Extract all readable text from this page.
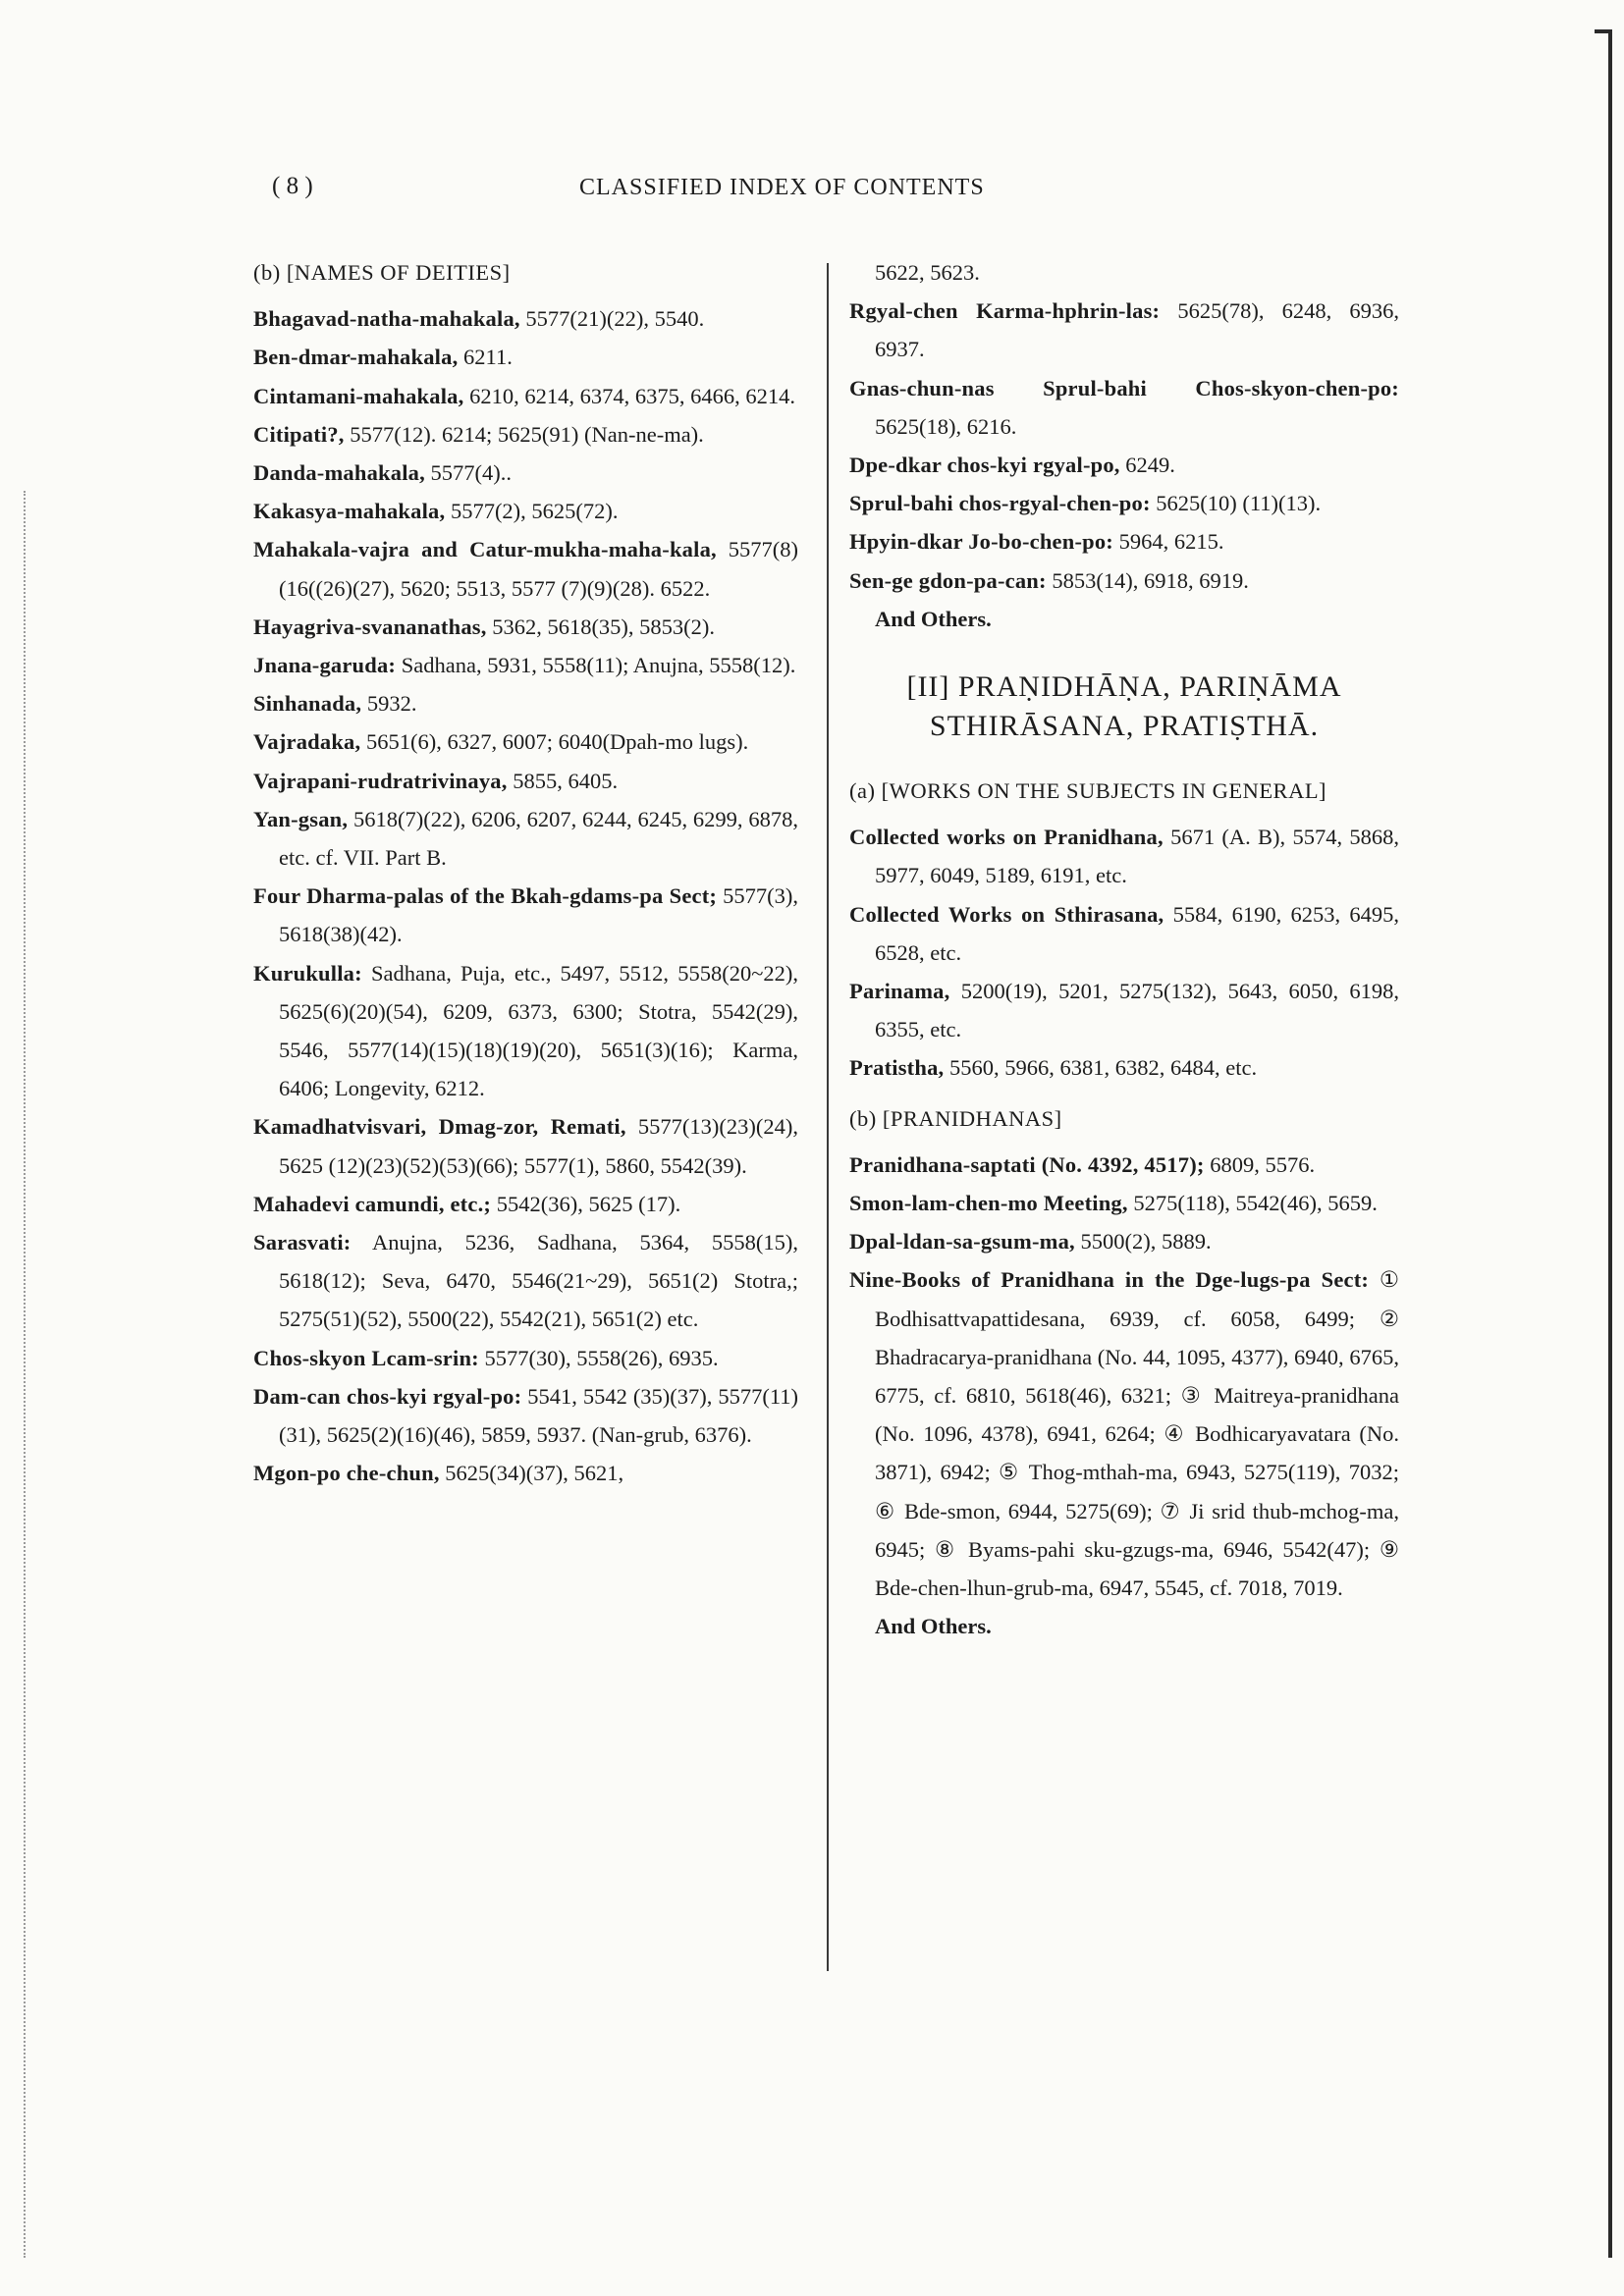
( 8 )	CLASSIFIED INDEX OF CONTENTS

(b) [NAMES OF DEITIES]

Bhagavad-natha-mahakala, 5577(21)(22), 5540.

Ben-dmar-mahakala, 6211.

Cintamani-mahakala, 6210, 6214, 6374, 6375, 6466, 6214.

Citipati?, 5577(12). 6214; 5625(91) (Nan-ne-ma).

Danda-mahakala, 5577(4)..

Kakasya-mahakala, 5577(2), 5625(72).

Mahakala-vajra and Catur-mukha-maha-kala, 5577(8)(16((26)(27), 5620; 5513, 5577 (7)(9)(28). 6522.

Hayagriva-svananathas, 5362, 5618(35), 5853(2).

Jnana-garuda: Sadhana, 5931, 5558(11); Anujna, 5558(12).

Sinhanada, 5932.

Vajradaka, 5651(6), 6327, 6007; 6040(Dpah-mo lugs).

Vajrapani-rudratrivinaya, 5855, 6405.

Yan-gsan, 5618(7)(22), 6206, 6207, 6244, 6245, 6299, 6878, etc. cf. VII. Part B.

Four Dharma-palas of the Bkah-gdams-pa Sect; 5577(3), 5618(38)(42).

Kurukulla: Sadhana, Puja, etc., 5497, 5512, 5558(20~22), 5625(6)(20)(54), 6209, 6373, 6300; Stotra, 5542(29), 5546, 5577(14)(15)(18)(19)(20), 5651(3)(16); Karma, 6406; Longevity, 6212.

Kamadhatvisvari, Dmag-zor, Remati, 5577(13)(23)(24), 5625 (12)(23)(52)(53)(66); 5577(1), 5860, 5542(39).

Mahadevi camundi, etc.; 5542(36), 5625 (17).

Sarasvati: Anujna, 5236, Sadhana, 5364, 5558(15), 5618(12); Seva, 6470, 5546(21~29), 5651(2) Stotra,; 5275(51)(52), 5500(22), 5542(21), 5651(2) etc.

Chos-skyon Lcam-srin: 5577(30), 5558(26), 6935.

Dam-can chos-kyi rgyal-po: 5541, 5542 (35)(37), 5577(11)(31), 5625(2)(16)(46), 5859, 5937. (Nan-grub, 6376).

Mgon-po che-chun, 5625(34)(37), 5621,

5622, 5623.

Rgyal-chen Karma-hphrin-las: 5625(78), 6248, 6936, 6937.

Gnas-chun-nas Sprul-bahi Chos-skyon-chen-po: 5625(18), 6216.

Dpe-dkar chos-kyi rgyal-po, 6249.

Sprul-bahi chos-rgyal-chen-po: 5625(10) (11)(13).

Hpyin-dkar Jo-bo-chen-po: 5964, 6215.

Sen-ge gdon-pa-can: 5853(14), 6918, 6919.

And Others.

[II] PRAṆIDHĀṆA, PARIṆĀMA

STHIRĀSANA, PRATIṢTHĀ.

(a) [WORKS ON THE SUBJECTS IN GENERAL]

Collected works on Pranidhana, 5671 (A. B), 5574, 5868, 5977, 6049, 5189, 6191, etc.

Collected Works on Sthirasana, 5584, 6190, 6253, 6495, 6528, etc.

Parinama, 5200(19), 5201, 5275(132), 5643, 6050, 6198, 6355, etc.

Pratistha, 5560, 5966, 6381, 6382, 6484, etc.

(b) [PRANIDHANAS]

Pranidhana-saptati (No. 4392, 4517); 6809, 5576.

Smon-lam-chen-mo Meeting, 5275(118), 5542(46), 5659.

Dpal-ldan-sa-gsum-ma, 5500(2), 5889.

Nine-Books of Pranidhana in the Dge-lugs-pa Sect: ① Bodhisattvapattidesana, 6939, cf. 6058, 6499; ② Bhadracarya-pranidhana (No. 44, 1095, 4377), 6940, 6765, 6775, cf. 6810, 5618(46), 6321; ③ Maitreya-pranidhana (No. 1096, 4378), 6941, 6264; ④ Bodhicaryavatara (No. 3871), 6942; ⑤ Thog-mthah-ma, 6943, 5275(119), 7032; ⑥ Bde-smon, 6944, 5275(69); ⑦ Ji srid thub-mchog-ma, 6945; ⑧ Byams-pahi sku-gzugs-ma, 6946, 5542(47); ⑨ Bde-chen-lhun-grub-ma, 6947, 5545, cf. 7018, 7019.

And Others.
